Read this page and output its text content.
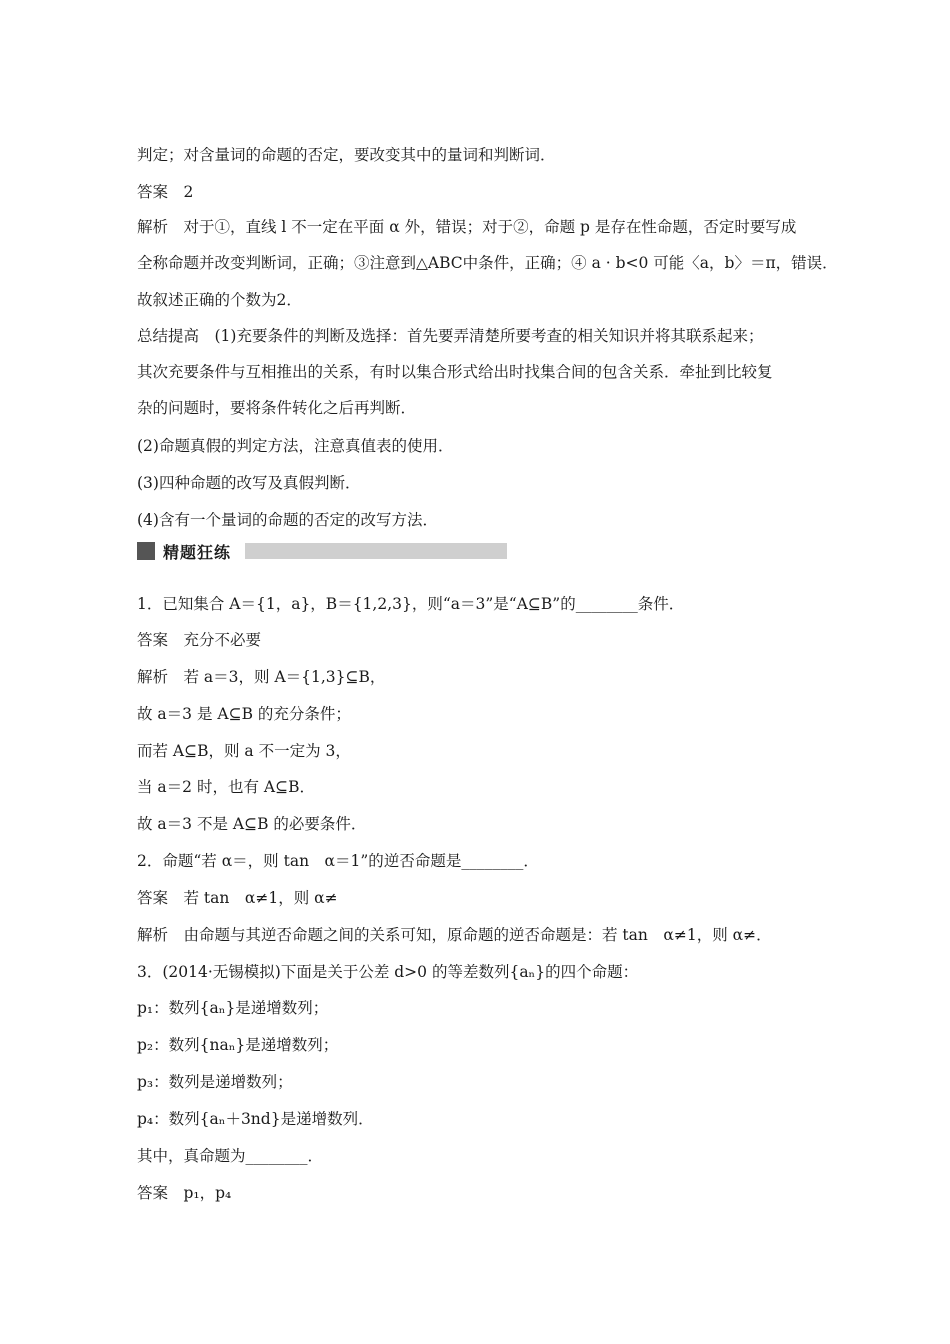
判定；对含量词的命题的否定，要改变其中的量词和判断词．
答案　2
解析　对于①，直线 l 不一定在平面 α 外，错误；对于②，命题 p 是存在性命题，否定时要写成
全称命题并改变判断词，正确；③注意到△ABC中条件，正确；④ a · b<0 可能〈a，b〉＝π，错误．
故叙述正确的个数为2．
总结提高　(1)充要条件的判断及选择：首先要弄清楚所要考查的相关知识并将其联系起来；
其次充要条件与互相推出的关系，有时以集合形式给出时找集合间的包含关系．牵扯到比较复
杂的问题时，要将条件转化之后再判断．
(2)命题真假的判定方法，注意真值表的使用．
(3)四种命题的改写及真假判断．
(4)含有一个量词的命题的否定的改写方法．
精题狂练
1．已知集合 A＝{1，a}，B＝{1,2,3}，则“a＝3”是“A⊆B”的________条件．
答案　充分不必要
解析　若 a＝3，则 A＝{1,3}⊆B，
故 a＝3 是 A⊆B 的充分条件；
而若 A⊆B，则 a 不一定为 3，
当 a＝2 时，也有 A⊆B．
故 a＝3 不是 A⊆B 的必要条件．
2．命题“若 α＝，则 tan　α＝1”的逆否命题是________．
答案　若 tan　α≠1，则 α≠
解析　由命题与其逆否命题之间的关系可知，原命题的逆否命题是：若 tan　α≠1，则 α≠．
3．(2014·无锡模拟)下面是关于公差 d>0 的等差数列{aₙ}的四个命题：
p₁：数列{aₙ}是递增数列；
p₂：数列{naₙ}是递增数列；
p₃：数列是递增数列；
p₄：数列{aₙ＋3nd}是递增数列．
其中，真命题为________．
答案　p₁，p₄
